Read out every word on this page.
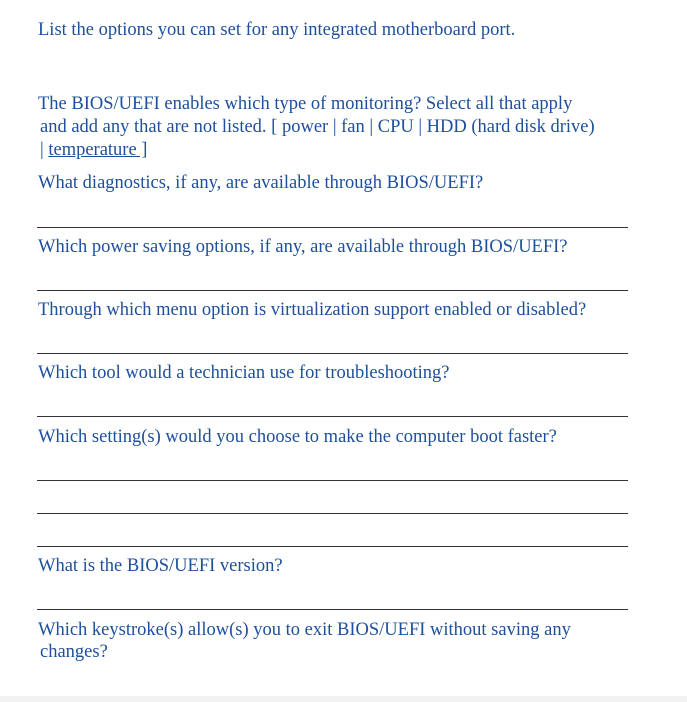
List the options you can set for any integrated motherboard port.

The BIOS/UEFI enables which type of monitoring? Select all that apply

and add any that are not listed. [ power | fan | CPU | HDD (hard disk drive)

| temperature ]

What diagnostics, if any, are available through BIOS/UEFI?

Which power saving options, if any, are available through BIOS/UEFI?

Through which menu option is virtualization support enabled or disabled?

Which tool would a technician use for troubleshooting?

Which setting(s) would you choose to make the computer boot faster?

What is the BIOS/UEFI version?

Which keystroke(s) allow(s) you to exit BIOS/UEFI without saving any

changes?
